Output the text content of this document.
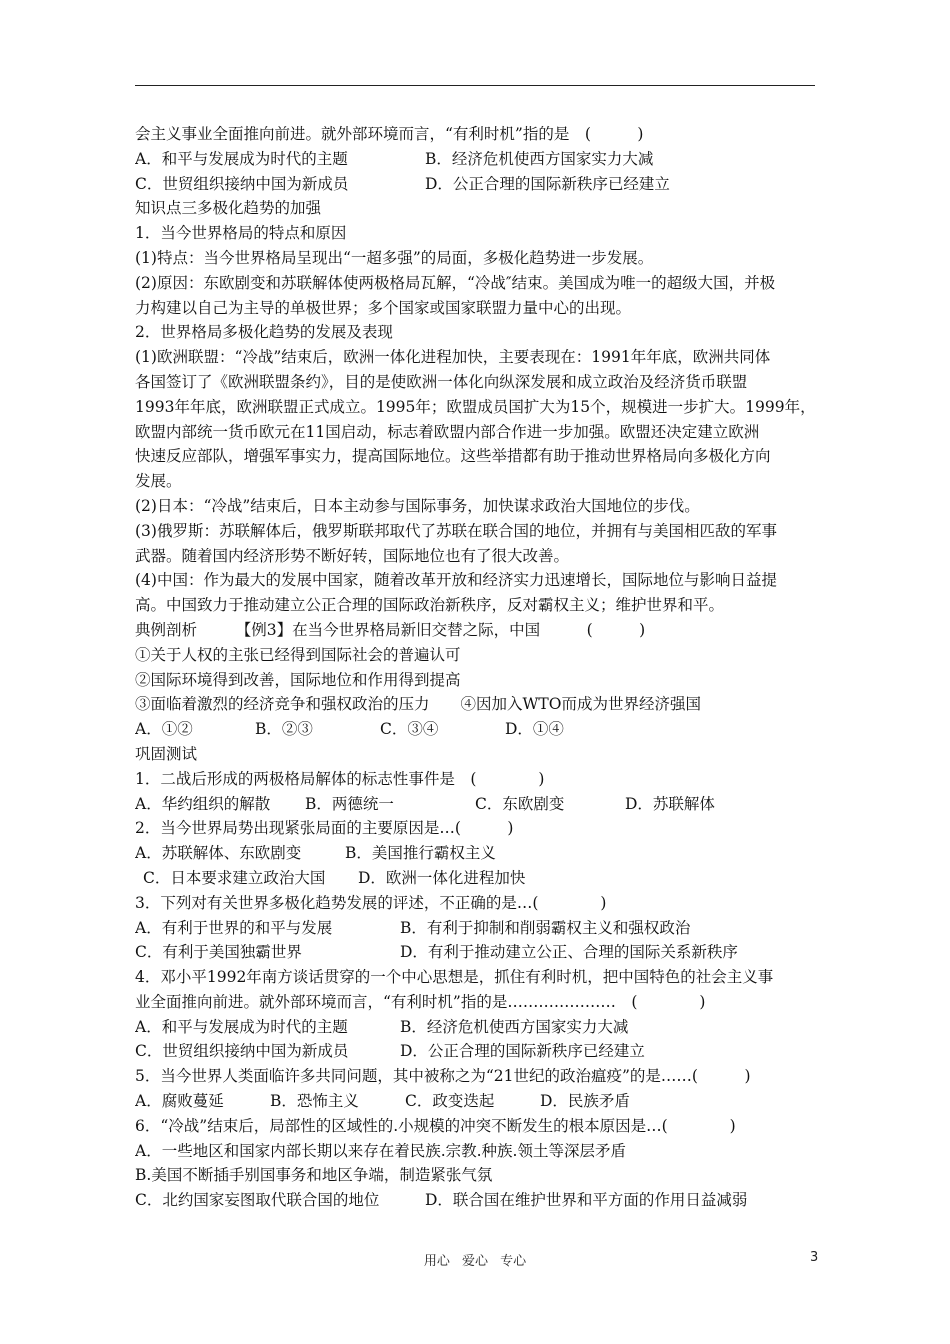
会主义事业全面推向前进。就外部环境而言，“有利时机”指的是　(　　　)
A．和平与发展成为时代的主题	B．经济危机使西方国家实力大减
C．世贸组织接纳中国为新成员	D．公正合理的国际新秩序已经建立
知识点三多极化趋势的加强
1．当今世界格局的特点和原因
(1)特点：当今世界格局呈现出“一超多强”的局面，多极化趋势进一步发展。
(2)原因：东欧剧变和苏联解体使两极格局瓦解，“冷战″结束。美国成为唯一的超级大国，并极
力构建以自己为主导的单极世界；多个国家或国家联盟力量中心的出现。
2．世界格局多极化趋势的发展及表现
(1)欧洲联盟：“冷战”结束后，欧洲一体化进程加快，主要表现在：1991年年底，欧洲共同体
各国签订了《欧洲联盟条约》，目的是使欧洲一体化向纵深发展和成立政治及经济货币联盟
1993年年底，欧洲联盟正式成立。1995年；欧盟成员国扩大为15个，规模进一步扩大。1999年，
欧盟内部统一货币欧元在11国启动，标志着欧盟内部合作进一步加强。欧盟还决定建立欧洲
快速反应部队，增强军事实力，提高国际地位。这些举措都有助于推动世界格局向多极化方向
发展。
(2)日本：“冷战”结束后，日本主动参与国际事务，加快谋求政治大国地位的步伐。
(3)俄罗斯：苏联解体后，俄罗斯联邦取代了苏联在联合国的地位，并拥有与美国相匹敌的军事
武器。随着国内经济形势不断好转，国际地位也有了很大改善。
(4)中国：作为最大的发展中国家，随着改革开放和经济实力迅速增长，国际地位与影响日益提
高。中国致力于推动建立公正合理的国际政治新秩序，反对霸权主义；维护世界和平。
典例剖析　　　【例3】在当今世界格局新旧交替之际，中国　　　(　　　)
①关于人权的主张已经得到国际社会的普遍认可
②国际环境得到改善，国际地位和作用得到提高
③面临着激烈的经济竞争和强权政治的压力　　④因加入WTO而成为世界经济强国
A．①②	B．②③	C．③④	D．①④
巩固测试
1．二战后形成的两极格局解体的标志性事件是　(　　　　)
A．华约组织的解散 B．两德统一	C．东欧剧变	D．苏联解体
2．当今世界局势出现紧张局面的主要原因是…(　　　)
A．苏联解体、东欧剧变	B．美国推行霸权主义
C．日本要求建立政治大国 D．欧洲一体化进程加快
3．下列对有关世界多极化趋势发展的评述，不正确的是…(　　　　)
A．有利于世界的和平与发展	B．有利于抑制和削弱霸权主义和强权政治
C．有利于美国独霸世界	D．有利于推动建立公正、合理的国际关系新秩序
4．邓小平1992年南方谈话贯穿的一个中心思想是，抓住有利时机，把中国特色的社会主义事
业全面推向前进。就外部环境而言，“有利时机”指的是…………………　(　　　　)
A．和平与发展成为时代的主题	B．经济危机使西方国家实力大减
C．世贸组织接纳中国为新成员	D．公正合理的国际新秩序已经建立
5．当今世界人类面临许多共同问题，其中被称之为“21世纪的政治瘟疫”的是……(　　　)
A．腐败蔓延	B．恐怖主义	C．政变迭起	D．民族矛盾
6．“冷战”结束后，局部性的区域性的.小规模的冲突不断发生的根本原因是…(　　　　)
A．一些地区和国家内部长期以来存在着民族.宗教.种族.领土等深层矛盾
B.美国不断插手别国事务和地区争端，制造紧张气氛
C．北约国家妄图取代联合国的地位	D．联合国在维护世界和平方面的作用日益减弱
用心 爱心 专心	3
